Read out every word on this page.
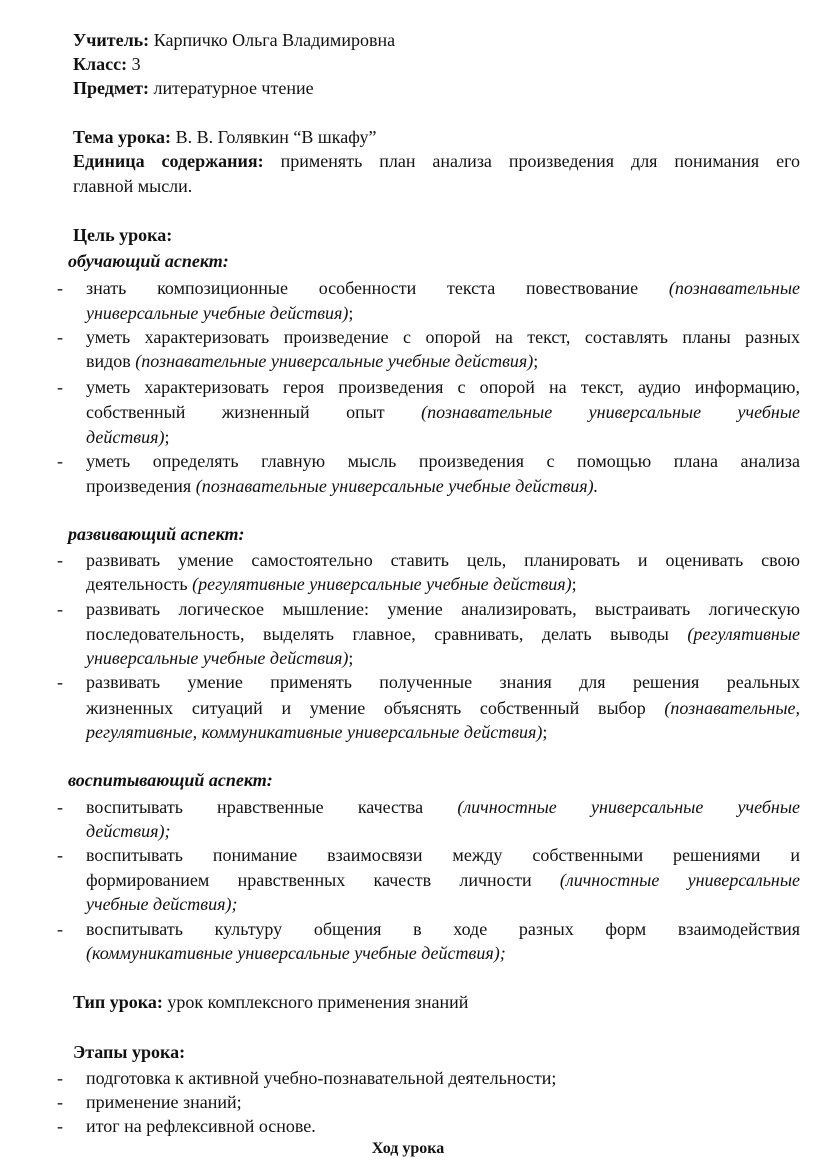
Учитель: Карпичко Ольга Владимировна
Класс: 3
Предмет: литературное чтение
Тема урока: В. В. Голявкин “В шкафу”
Единица содержания: применять план анализа произведения для понимания его
главной мысли.
Цель урока:
обучающий аспект:
- знать композиционные особенности текста повествование (познавательные
универсальные учебные действия);
- уметь характеризовать произведение с опорой на текст, составлять планы разных
видов (познавательные универсальные учебные действия);
- уметь характеризовать героя произведения с опорой на текст, аудио информацию,
собственный жизненный опыт (познавательные универсальные учебные
действия);
- уметь определять главную мысль произведения с помощью плана анализа
произведения (познавательные универсальные учебные действия).
развивающий аспект:
- развивать умение самостоятельно ставить цель, планировать и оценивать свою
деятельность (регулятивные универсальные учебные действия);
- развивать логическое мышление: умение анализировать, выстраивать логическую
последовательность, выделять главное, сравнивать, делать выводы (регулятивные
универсальные учебные действия);
- развивать умение применять полученные знания для решения реальных
жизненных ситуаций и умение объяснять собственный выбор (познавательные,
регулятивные, коммуникативные универсальные действия);
воспитывающий аспект:
- воспитывать нравственные качества (личностные универсальные учебные
действия);
- воспитывать понимание взаимосвязи между собственными решениями и
формированием нравственных качеств личности (личностные универсальные
учебные действия);
- воспитывать культуру общения в ходе разных форм взаимодействия
(коммуникативные универсальные учебные действия);
Тип урока: урок комплексного применения знаний
Этапы урока:
- подготовка к активной учебно-познавательной деятельности;
- применение знаний;
- итог на рефлексивной основе.
Ход урока
